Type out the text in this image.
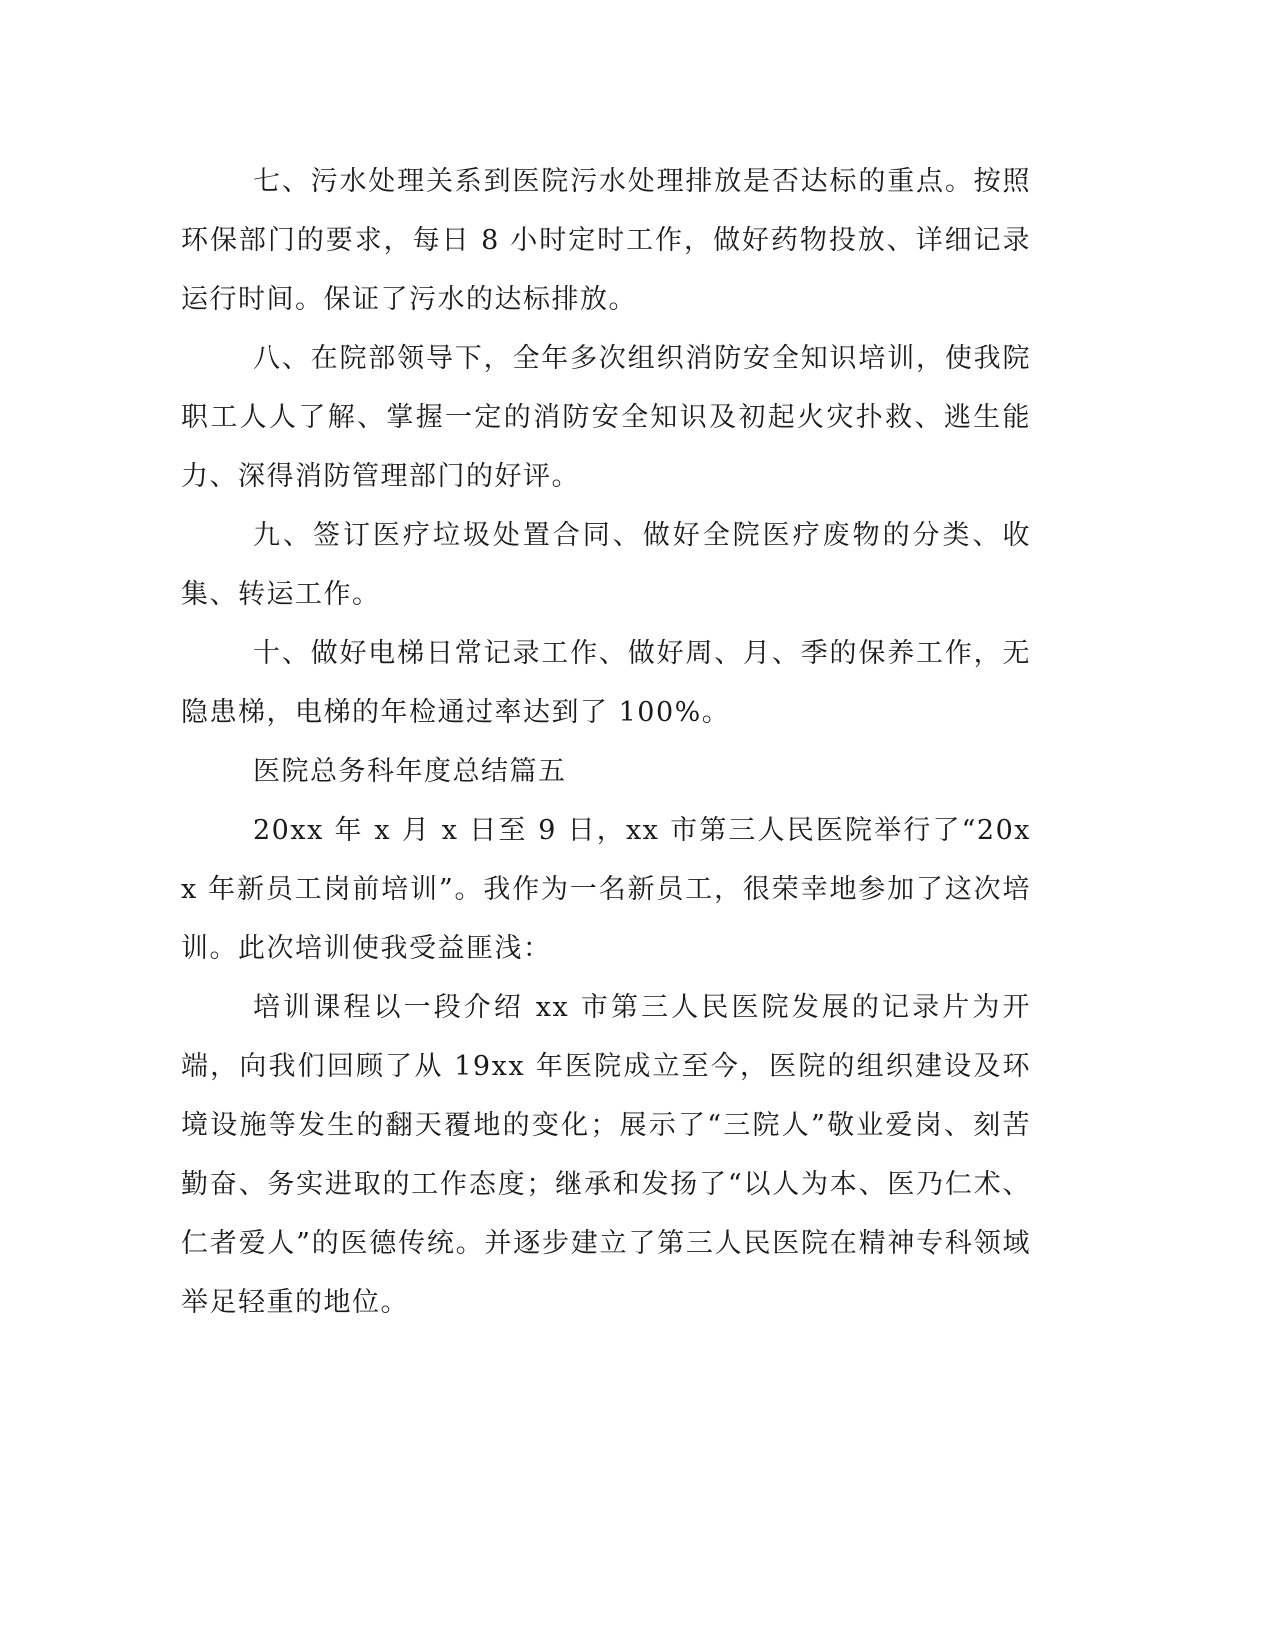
七、污水处理关系到医院污水处理排放是否达标的重点。按照环保部门的要求，每日 8 小时定时工作，做好药物投放、详细记录运行时间。保证了污水的达标排放。

八、在院部领导下，全年多次组织消防安全知识培训，使我院职工人人了解、掌握一定的消防安全知识及初起火灾扑救、逃生能力、深得消防管理部门的好评。

九、签订医疗垃圾处置合同、做好全院医疗废物的分类、收集、转运工作。

十、做好电梯日常记录工作、做好周、月、季的保养工作，无隐患梯，电梯的年检通过率达到了 100%。

医院总务科年度总结篇五

20xx 年 x 月 x 日至 9 日，xx 市第三人民医院举行了“20xx 年新员工岗前培训”。我作为一名新员工，很荣幸地参加了这次培训。此次培训使我受益匪浅：

培训课程以一段介绍 xx 市第三人民医院发展的记录片为开端，向我们回顾了从 19xx 年医院成立至今，医院的组织建设及环境设施等发生的翻天覆地的变化；展示了“三院人”敬业爱岗、刻苦勤奋、务实进取的工作态度；继承和发扬了“以人为本、医乃仁术、仁者爱人”的医德传统。并逐步建立了第三人民医院在精神专科领域举足轻重的地位。
